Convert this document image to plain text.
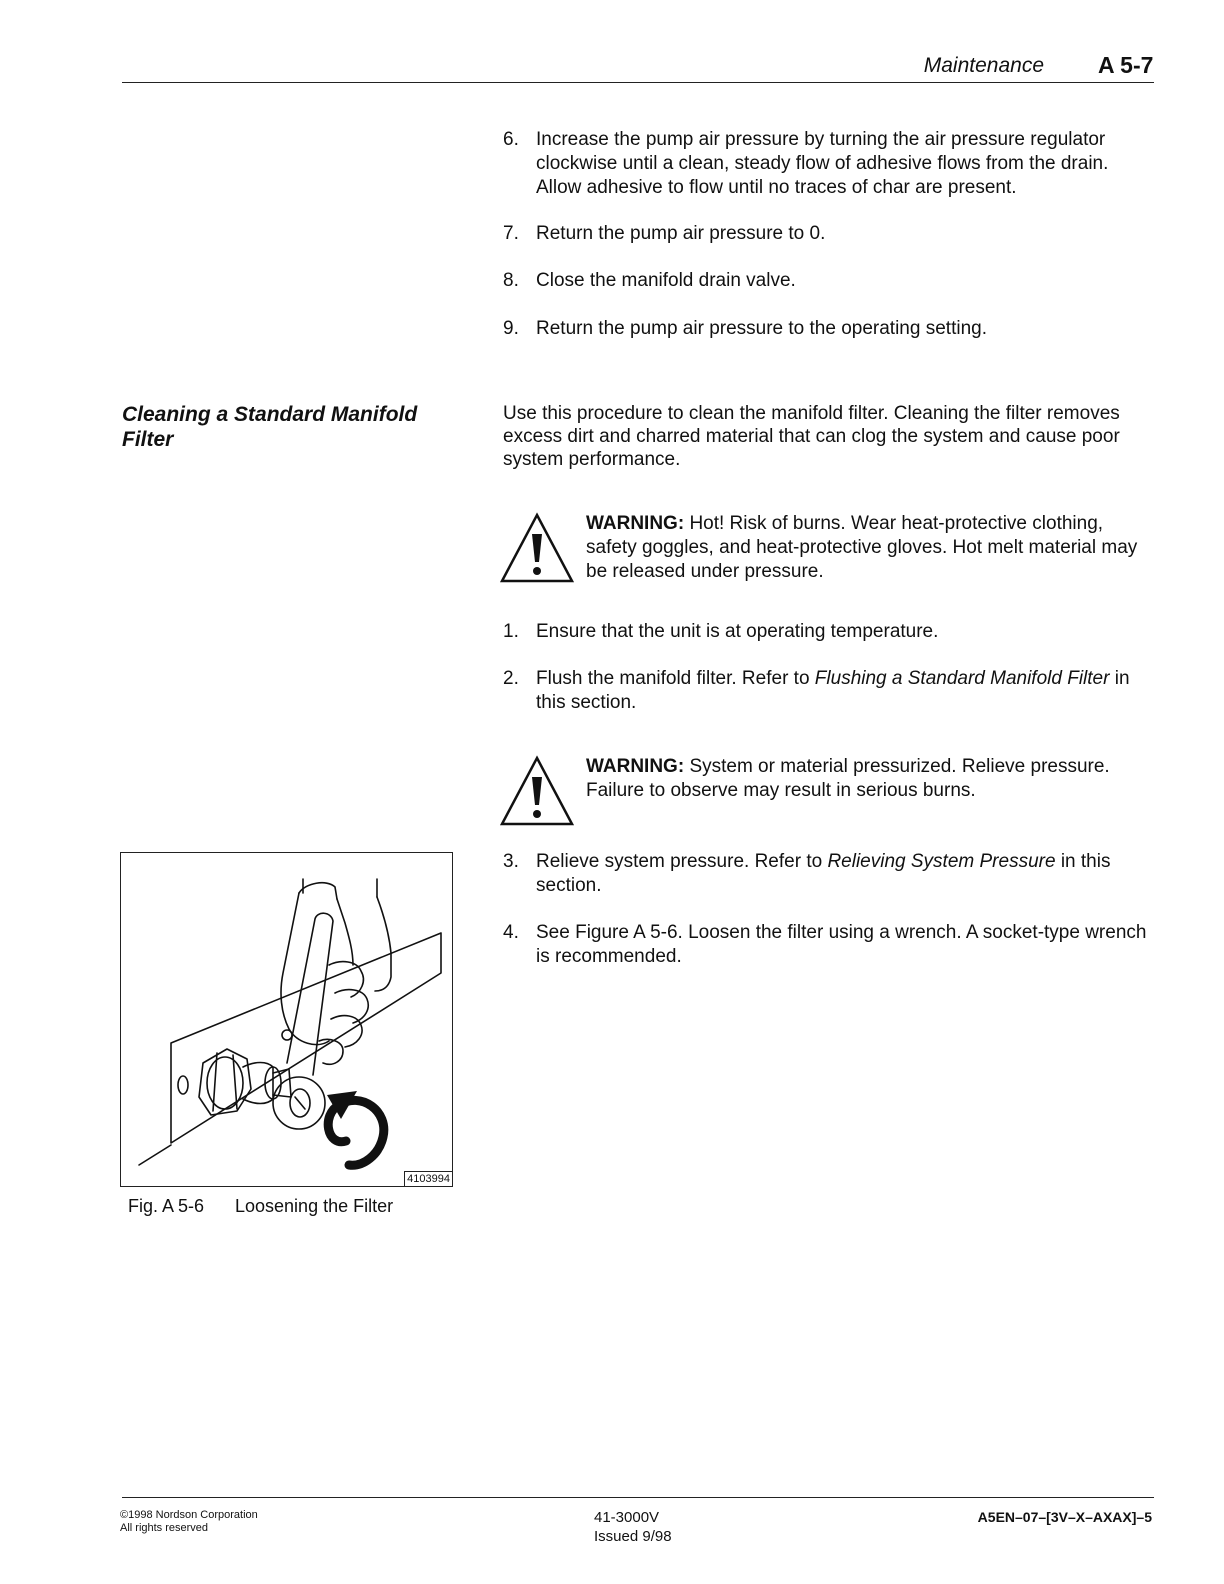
Maintenance A 5-7
6. Increase the pump air pressure by turning the air pressure regulator clockwise until a clean, steady flow of adhesive flows from the drain. Allow adhesive to flow until no traces of char are present.
7. Return the pump air pressure to 0.
8. Close the manifold drain valve.
9. Return the pump air pressure to the operating setting.
Cleaning a Standard Manifold Filter
Use this procedure to clean the manifold filter. Cleaning the filter removes excess dirt and charred material that can clog the system and cause poor system performance.
WARNING: Hot! Risk of burns. Wear heat-protective clothing, safety goggles, and heat-protective gloves. Hot melt material may be released under pressure.
1. Ensure that the unit is at operating temperature.
2. Flush the manifold filter. Refer to Flushing a Standard Manifold Filter in this section.
WARNING: System or material pressurized. Relieve pressure. Failure to observe may result in serious burns.
3. Relieve system pressure. Refer to Relieving System Pressure in this section.
4. See Figure A 5-6. Loosen the filter using a wrench. A socket-type wrench is recommended.
4103994
Fig. A 5-6 Loosening the Filter
©1998 Nordson Corporation
All rights reserved
41-3000V
Issued 9/98
A5EN–07–[3V–X–AXAX]–5
